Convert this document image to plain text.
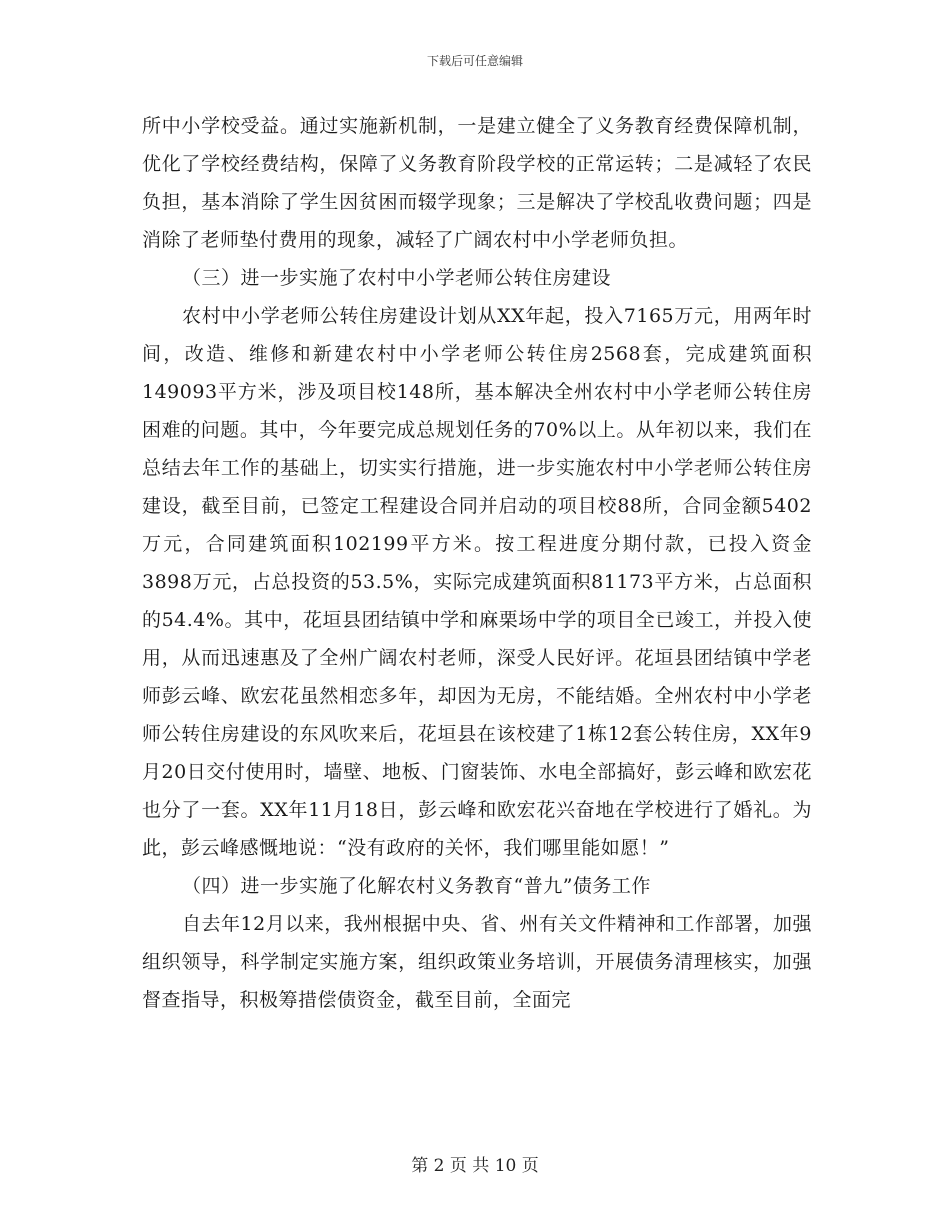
下载后可任意编辑

所中小学校受益。通过实施新机制，一是建立健全了义务教育经费保障机制，优化了学校经费结构，保障了义务教育阶段学校的正常运转；二是减轻了农民负担，基本消除了学生因贫困而辍学现象；三是解决了学校乱收费问题；四是消除了老师垫付费用的现象，减轻了广阔农村中小学老师负担。

（三）进一步实施了农村中小学老师公转住房建设

农村中小学老师公转住房建设计划从XX年起，投入7165万元，用两年时间，改造、维修和新建农村中小学老师公转住房2568套，完成建筑面积149093平方米，涉及项目校148所，基本解决全州农村中小学老师公转住房困难的问题。其中，今年要完成总规划任务的70%以上。从年初以来，我们在总结去年工作的基础上，切实实行措施，进一步实施农村中小学老师公转住房建设，截至目前，已签定工程建设合同并启动的项目校88所，合同金额5402万元，合同建筑面积102199平方米。按工程进度分期付款，已投入资金3898万元，占总投资的53.5%，实际完成建筑面积81173平方米，占总面积的54.4%。其中，花垣县团结镇中学和麻栗场中学的项目全已竣工，并投入使用，从而迅速惠及了全州广阔农村老师，深受人民好评。花垣县团结镇中学老师彭云峰、欧宏花虽然相恋多年，却因为无房，不能结婚。全州农村中小学老师公转住房建设的东风吹来后，花垣县在该校建了1栋12套公转住房，XX年9月20日交付使用时，墙壁、地板、门窗装饰、水电全部搞好，彭云峰和欧宏花也分了一套。XX年11月18日，彭云峰和欧宏花兴奋地在学校进行了婚礼。为此，彭云峰感慨地说：“没有政府的关怀，我们哪里能如愿！”

（四）进一步实施了化解农村义务教育“普九”债务工作

自去年12月以来，我州根据中央、省、州有关文件精神和工作部署，加强组织领导，科学制定实施方案，组织政策业务培训，开展债务清理核实，加强督查指导，积极筹措偿债资金，截至目前，全面完

第 2 页 共 10 页
